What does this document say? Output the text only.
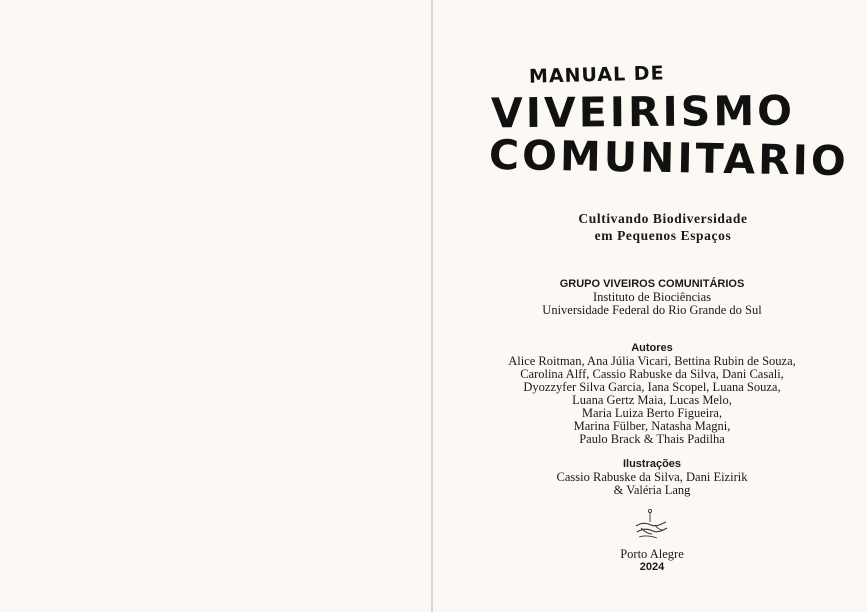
MANUAL DE
VIVEIRISMO
COMUNITARIO
Cultivando Biodiversidade
em Pequenos Espaços
GRUPO VIVEIROS COMUNITÁRIOS
Instituto de Biociências
Universidade Federal do Rio Grande do Sul
Autores
Alice Roitman, Ana Júlia Vicari, Bettina Rubin de Souza,
Carolina Alff, Cassio Rabuske da Silva, Dani Casali,
Dyozzyfer Silva Garcia, Iana Scopel, Luana Souza,
Luana Gertz Maia, Lucas Melo,
Maria Luiza Berto Figueira,
Marina Fülber, Natasha Magni,
Paulo Brack & Thais Padilha
Ilustrações
Cassio Rabuske da Silva, Dani Eizirik
& Valéria Lang
Porto Alegre
2024
